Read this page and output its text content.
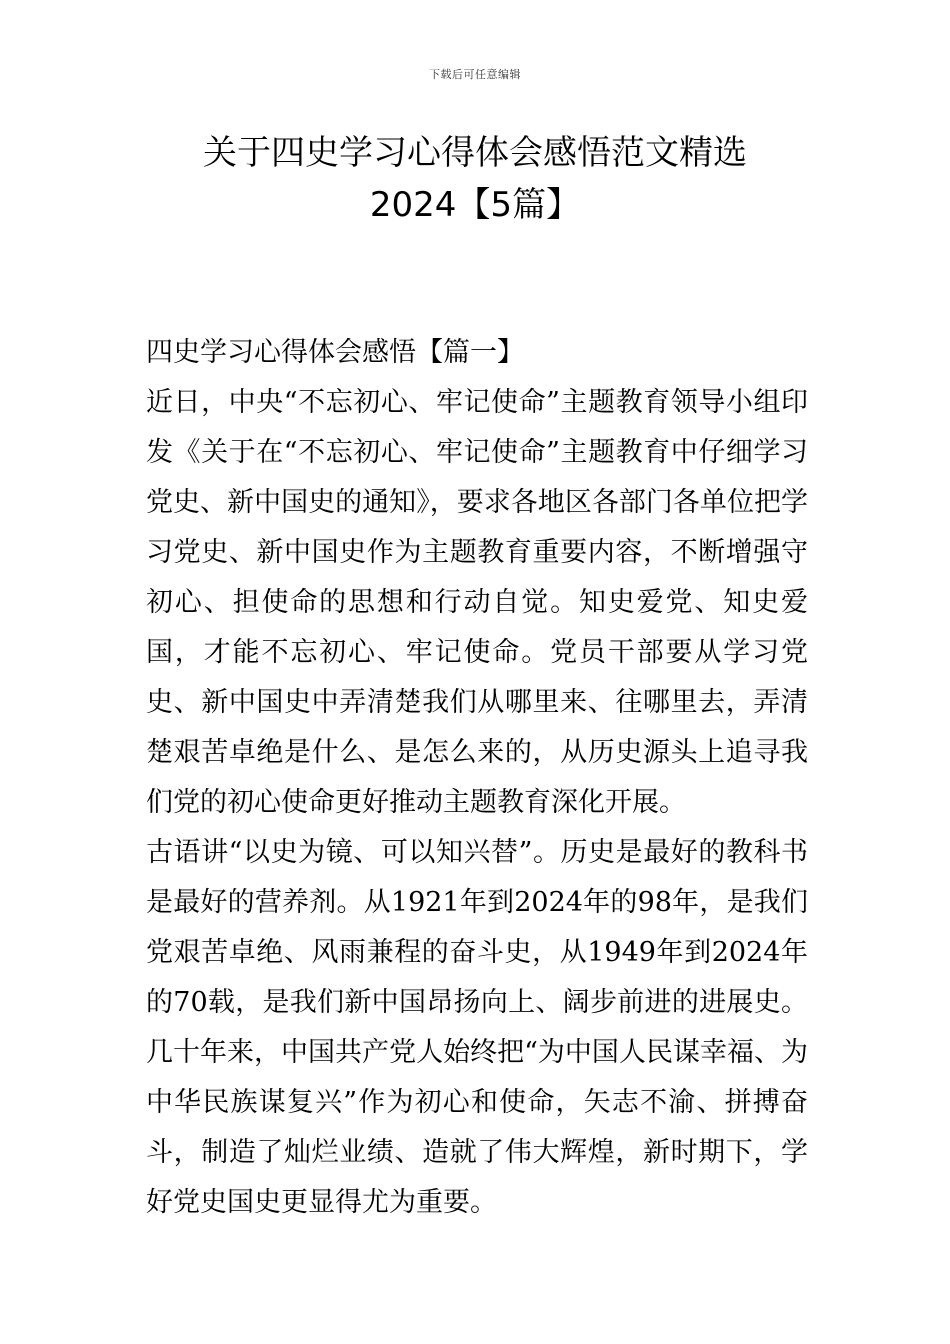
下载后可任意编辑
关于四史学习心得体会感悟范文精选
2024【5篇】

四史学习心得体会感悟【篇一】

近日，中央“不忘初心、牢记使命”主题教育领导小组印发《关于在“不忘初心、牢记使命”主题教育中仔细学习党史、新中国史的通知》，要求各地区各部门各单位把学习党史、新中国史作为主题教育重要内容，不断增强守初心、担使命的思想和行动自觉。知史爱党、知史爱国，才能不忘初心、牢记使命。党员干部要从学习党史、新中国史中弄清楚我们从哪里来、往哪里去，弄清楚艰苦卓绝是什么、是怎么来的，从历史源头上追寻我们党的初心使命更好推动主题教育深化开展。

古语讲“以史为镜、可以知兴替”。历史是最好的教科书是最好的营养剂。从1921年到2024年的98年，是我们党艰苦卓绝、风雨兼程的奋斗史，从1949年到2024年的70载，是我们新中国昂扬向上、阔步前进的进展史。几十年来，中国共产党人始终把“为中国人民谋幸福、为中华民族谋复兴”作为初心和使命，矢志不渝、拼搏奋斗，制造了灿烂业绩、造就了伟大辉煌，新时期下，学好党史国史更显得尤为重要。
